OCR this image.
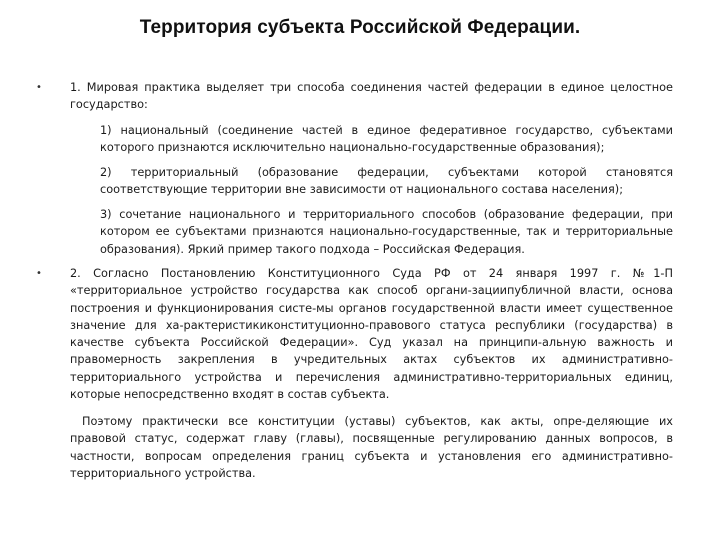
Территория субъекта Российской Федерации.
• 1. Мировая практика выделяет три способа соединения частей федерации в единое целостное государство:

1) национальный (соединение частей в единое федеративное государство, субъектами которого признаются исключительно национально-государственные образования);

2) территориальный (образование федерации, субъектами которой становятся соответствующие территории вне зависимости от национального состава населения);

3) сочетание национального и территориального способов (образование федерации, при котором ее субъектами признаются национально-государственные, так и территориальные образования). Яркий пример такого подхода – Российская Федерация.

• 2. Согласно Постановлению Конституционного Суда РФ от 24 января 1997 г. №1-П «территориальное устройство государства как способ органи-зациипубличной власти, основа построения и функционирования систе-мы органов государственной власти имеет существенное значение для ха-рактеристикиконституционно-правового статуса республики (государства) в качестве субъекта Российской Федерации». Суд указал на принципи-альную важность и правомерность закрепления в учредительных актах субъектов их административно-территориального устройства и перечисления административно-территориальных единиц, которые непосредственно входят в состав субъекта.

Поэтому практически все конституции (уставы) субъектов, как акты, опре-деляющие их правовой статус, содержат главу (главы), посвященные регулированию данных вопросов, в частности, вопросам определения границ субъекта и установления его административно-территориального устройства.
